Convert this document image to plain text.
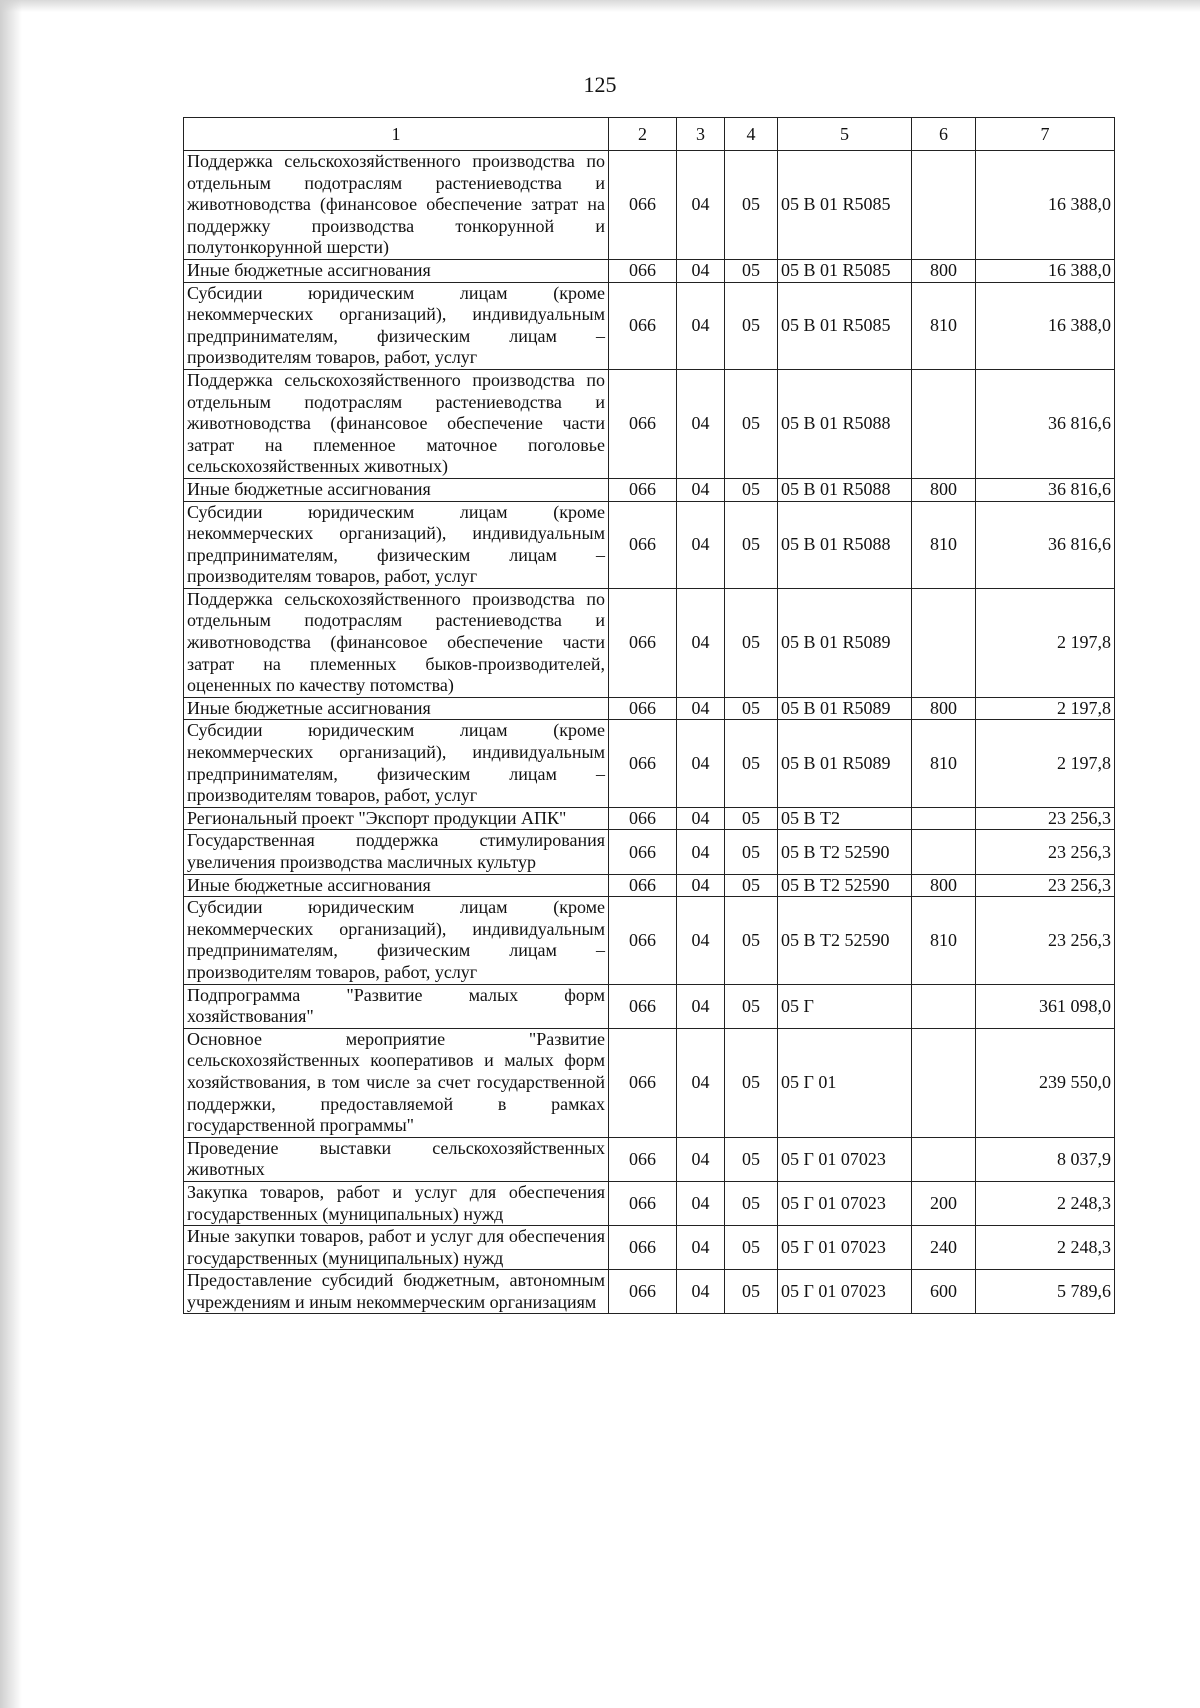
125
1	2	3	4	5	6	7
Поддержка сельскохозяйственного производства по отдельным подотраслям растениеводства и животноводства (финансовое обеспечение затрат на поддержку производства тонкорунной и полутонкорунной шерсти)	066	04	05	05 В 01 R5085		16 388,0
Иные бюджетные ассигнования	066	04	05	05 В 01 R5085	800	16 388,0
Субсидии юридическим лицам (кроме некоммерческих организаций), индивидуальным предпринимателям, физическим лицам – производителям товаров, работ, услуг	066	04	05	05 В 01 R5085	810	16 388,0
Поддержка сельскохозяйственного производства по отдельным подотраслям растениеводства и животноводства (финансовое обеспечение части затрат на племенное маточное поголовье сельскохозяйственных животных)	066	04	05	05 В 01 R5088		36 816,6
Иные бюджетные ассигнования	066	04	05	05 В 01 R5088	800	36 816,6
Субсидии юридическим лицам (кроме некоммерческих организаций), индивидуальным предпринимателям, физическим лицам – производителям товаров, работ, услуг	066	04	05	05 В 01 R5088	810	36 816,6
Поддержка сельскохозяйственного производства по отдельным подотраслям растениеводства и животноводства (финансовое обеспечение части затрат на племенных быков-производителей, оцененных по качеству потомства)	066	04	05	05 В 01 R5089		2 197,8
Иные бюджетные ассигнования	066	04	05	05 В 01 R5089	800	2 197,8
Субсидии юридическим лицам (кроме некоммерческих организаций), индивидуальным предпринимателям, физическим лицам – производителям товаров, работ, услуг	066	04	05	05 В 01 R5089	810	2 197,8
Региональный проект "Экспорт продукции АПК"	066	04	05	05 В Т2		23 256,3
Государственная поддержка стимулирования увеличения производства масличных культур	066	04	05	05 В Т2 52590		23 256,3
Иные бюджетные ассигнования	066	04	05	05 В Т2 52590	800	23 256,3
Субсидии юридическим лицам (кроме некоммерческих организаций), индивидуальным предпринимателям, физическим лицам – производителям товаров, работ, услуг	066	04	05	05 В Т2 52590	810	23 256,3
Подпрограмма "Развитие малых форм хозяйствования"	066	04	05	05 Г		361 098,0
Основное мероприятие "Развитие сельскохозяйственных кооперативов и малых форм хозяйствования, в том числе за счет государственной поддержки, предоставляемой в рамках государственной программы"	066	04	05	05 Г 01		239 550,0
Проведение выставки сельскохозяйственных животных	066	04	05	05 Г 01 07023		8 037,9
Закупка товаров, работ и услуг для обеспечения государственных (муниципальных) нужд	066	04	05	05 Г 01 07023	200	2 248,3
Иные закупки товаров, работ и услуг для обеспечения государственных (муниципальных) нужд	066	04	05	05 Г 01 07023	240	2 248,3
Предоставление субсидий бюджетным, автономным учреждениям и иным некоммерческим организациям	066	04	05	05 Г 01 07023	600	5 789,6
